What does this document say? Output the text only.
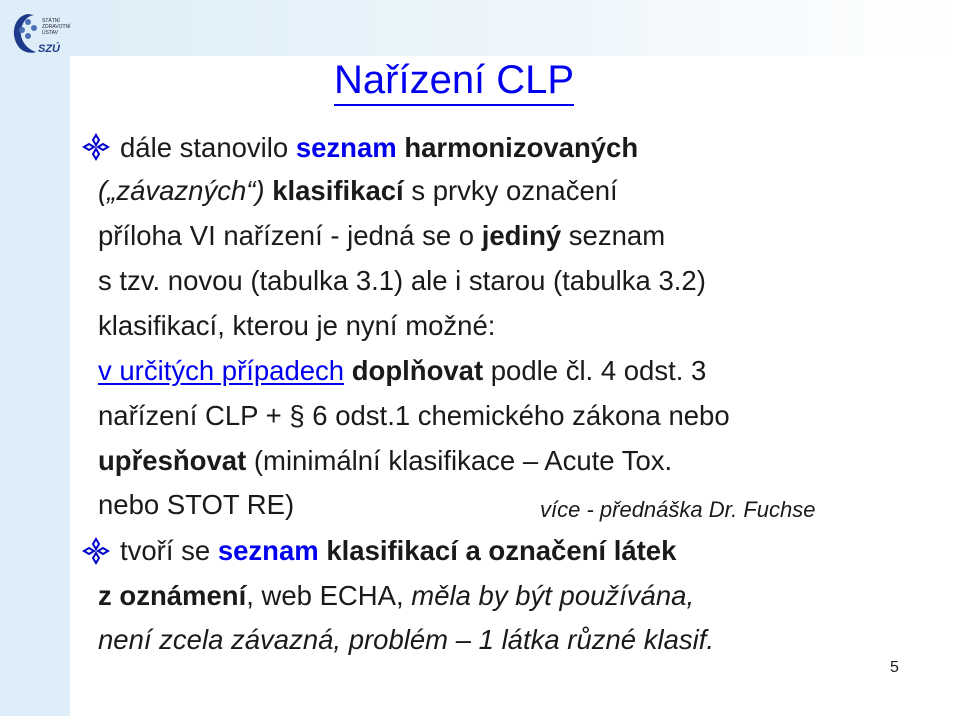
SZÚ
STÁTNÍ
ZDRAVOTNÍ
ÚSTAV
Nařízení CLP
dále stanovilo seznam harmonizovaných
(„závazných“) klasifikací s prvky označení
příloha VI nařízení - jedná se o jediný seznam
s tzv. novou (tabulka 3.1) ale i starou (tabulka 3.2)
klasifikací, kterou je nyní možné:
v určitých případech doplňovat podle čl. 4 odst. 3
nařízení CLP + § 6 odst.1 chemického zákona nebo
upřesňovat (minimální klasifikace – Acute Tox.
nebo STOT RE)	více - přednáška Dr. Fuchse
tvoří se seznam klasifikací a označení látek
z oznámení, web ECHA, měla by být používána,
není zcela závazná, problém – 1 látka různé klasif.
5
